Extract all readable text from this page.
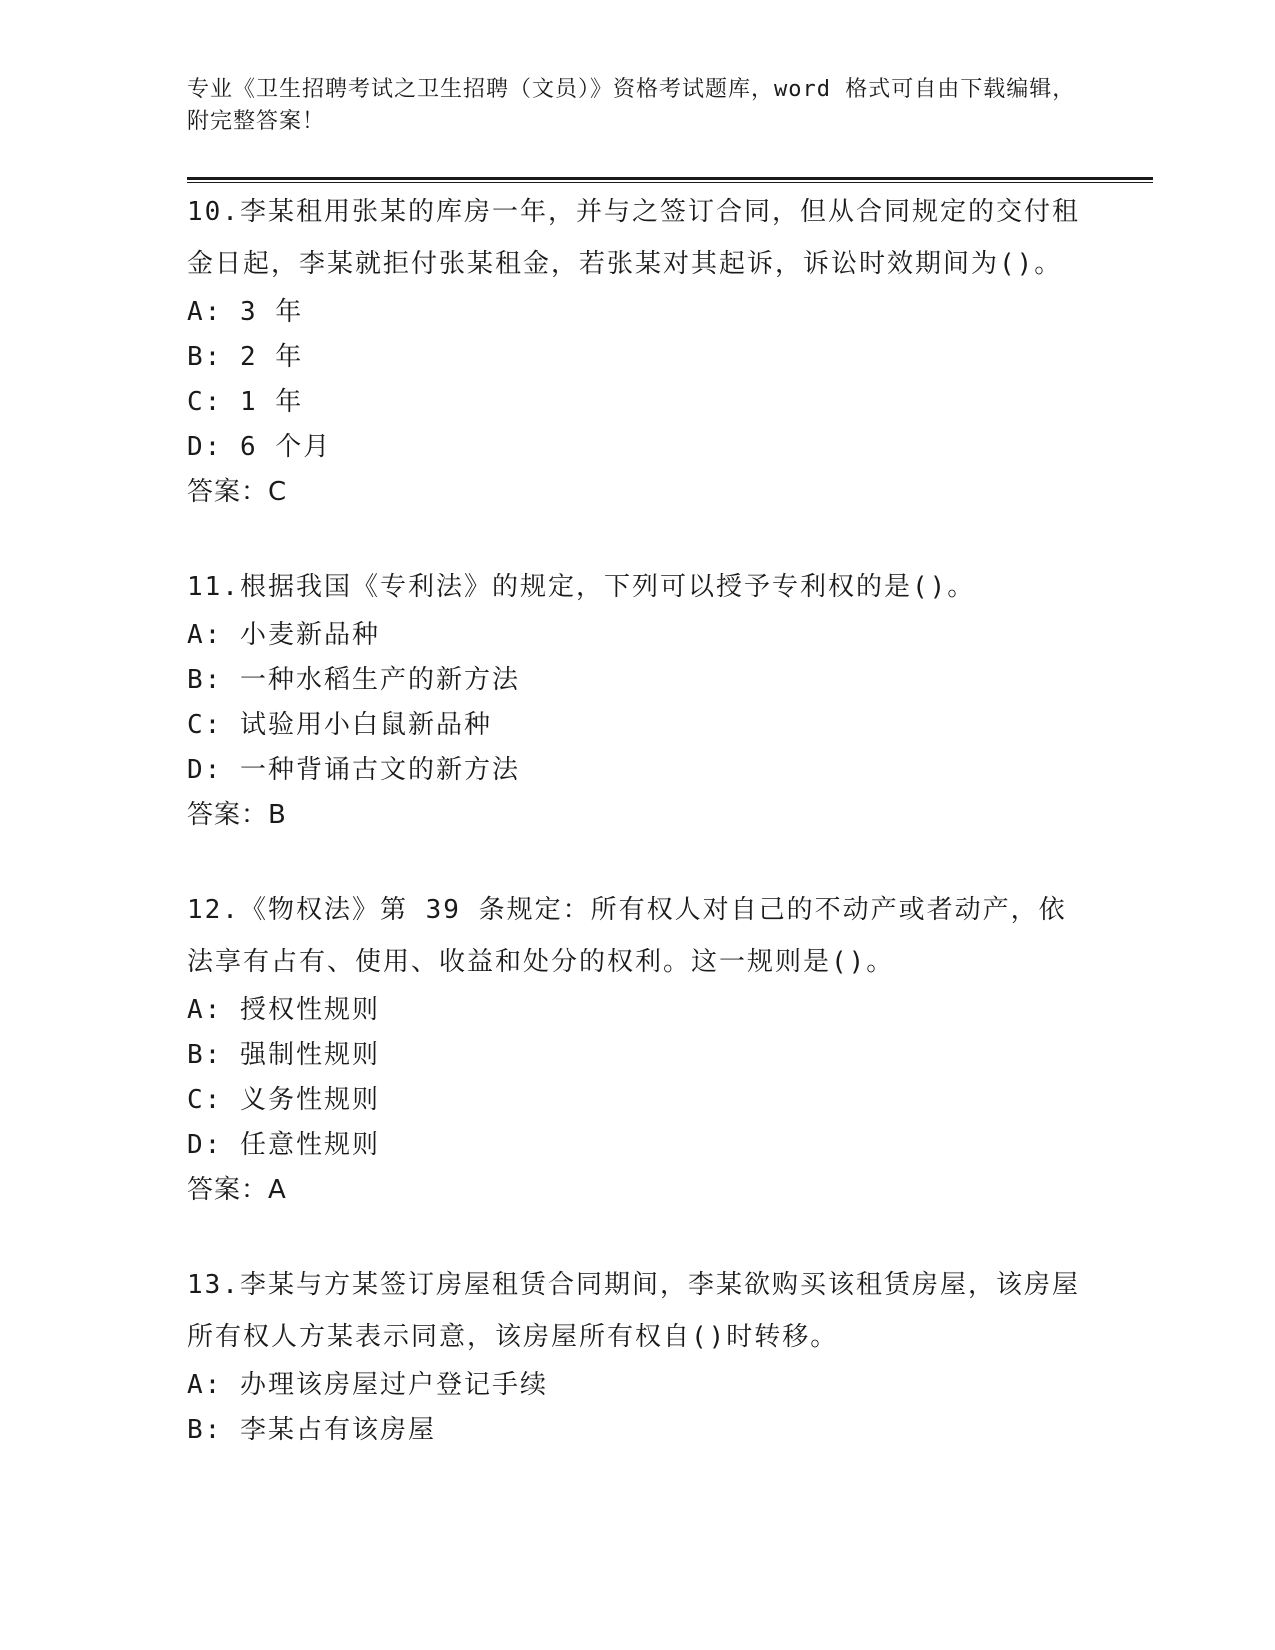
专业《卫生招聘考试之卫生招聘（文员）》资格考试题库，word 格式可自由下载编辑，附完整答案！

10.李某租用张某的库房一年，并与之签订合同，但从合同规定的交付租金日起，李某就拒付张某租金，若张某对其起诉，诉讼时效期间为()。

A: 3 年

B: 2 年

C: 1 年

D: 6 个月

答案：C

11.根据我国《专利法》的规定，下列可以授予专利权的是()。

A: 小麦新品种

B: 一种水稻生产的新方法

C: 试验用小白鼠新品种

D: 一种背诵古文的新方法

答案：B

12.《物权法》第 39 条规定：所有权人对自己的不动产或者动产，依法享有占有、使用、收益和处分的权利。这一规则是()。

A: 授权性规则

B: 强制性规则

C: 义务性规则

D: 任意性规则

答案：A

13.李某与方某签订房屋租赁合同期间，李某欲购买该租赁房屋，该房屋所有权人方某表示同意，该房屋所有权自()时转移。

A: 办理该房屋过户登记手续

B: 李某占有该房屋
